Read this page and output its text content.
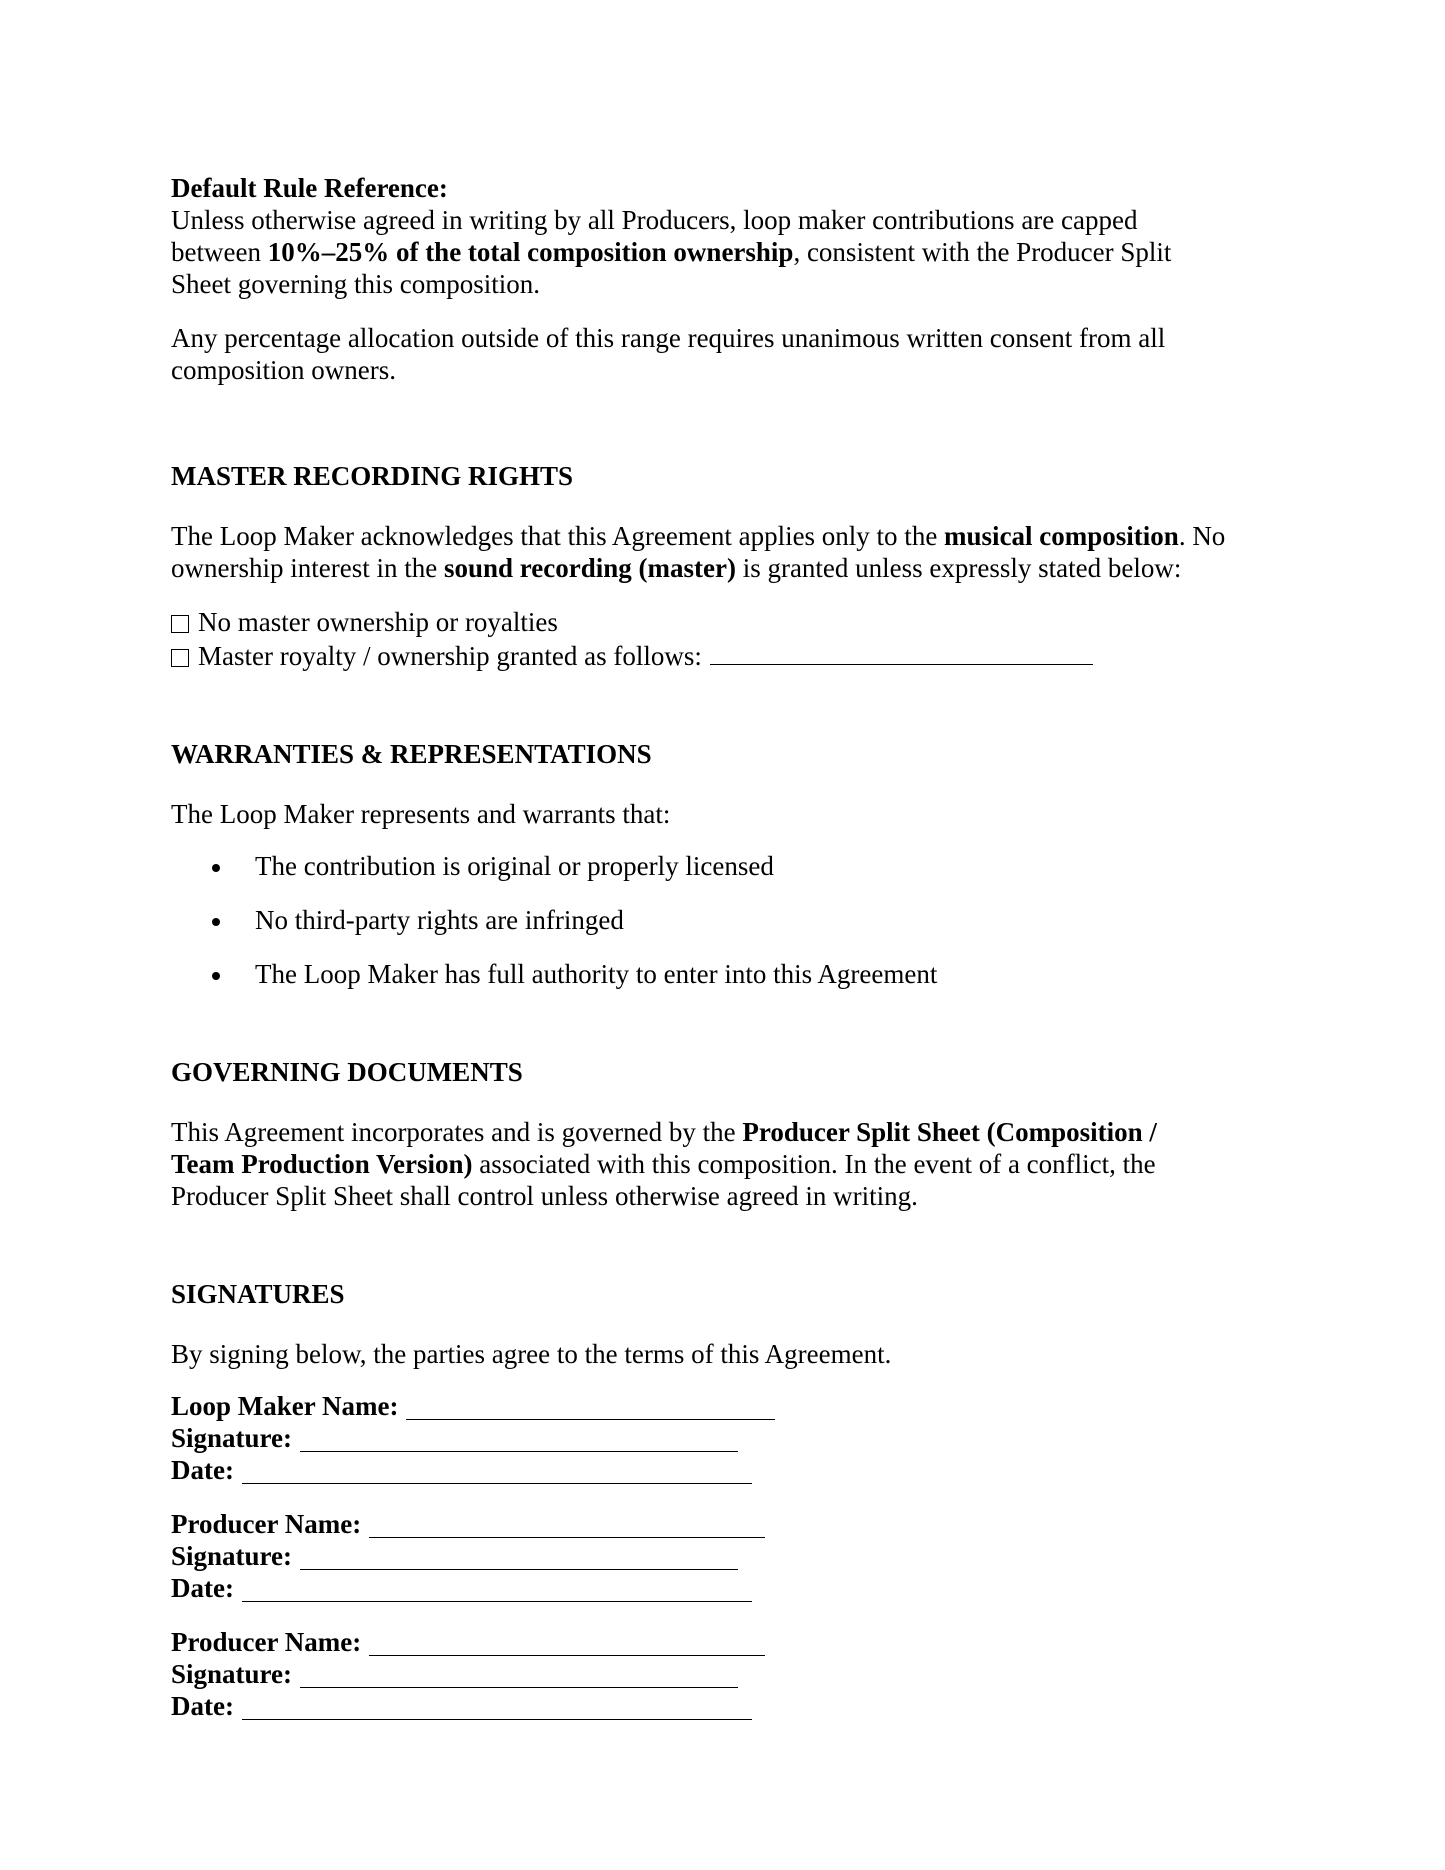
Default Rule Reference:

Unless otherwise agreed in writing by all Producers, loop maker contributions are capped between 10%–25% of the total composition ownership, consistent with the Producer Split Sheet governing this composition.

Any percentage allocation outside of this range requires unanimous written consent from all composition owners.

MASTER RECORDING RIGHTS

The Loop Maker acknowledges that this Agreement applies only to the musical composition. No ownership interest in the sound recording (master) is granted unless expressly stated below:

No master ownership or royalties
Master royalty / ownership granted as follows:

WARRANTIES & REPRESENTATIONS

The Loop Maker represents and warrants that:

The contribution is original or properly licensed
No third-party rights are infringed
The Loop Maker has full authority to enter into this Agreement

GOVERNING DOCUMENTS

This Agreement incorporates and is governed by the Producer Split Sheet (Composition / Team Production Version) associated with this composition. In the event of a conflict, the Producer Split Sheet shall control unless otherwise agreed in writing.

SIGNATURES

By signing below, the parties agree to the terms of this Agreement.

Loop Maker Name:
Signature:
Date:
Producer Name:
Signature:
Date:
Producer Name:
Signature:
Date:
